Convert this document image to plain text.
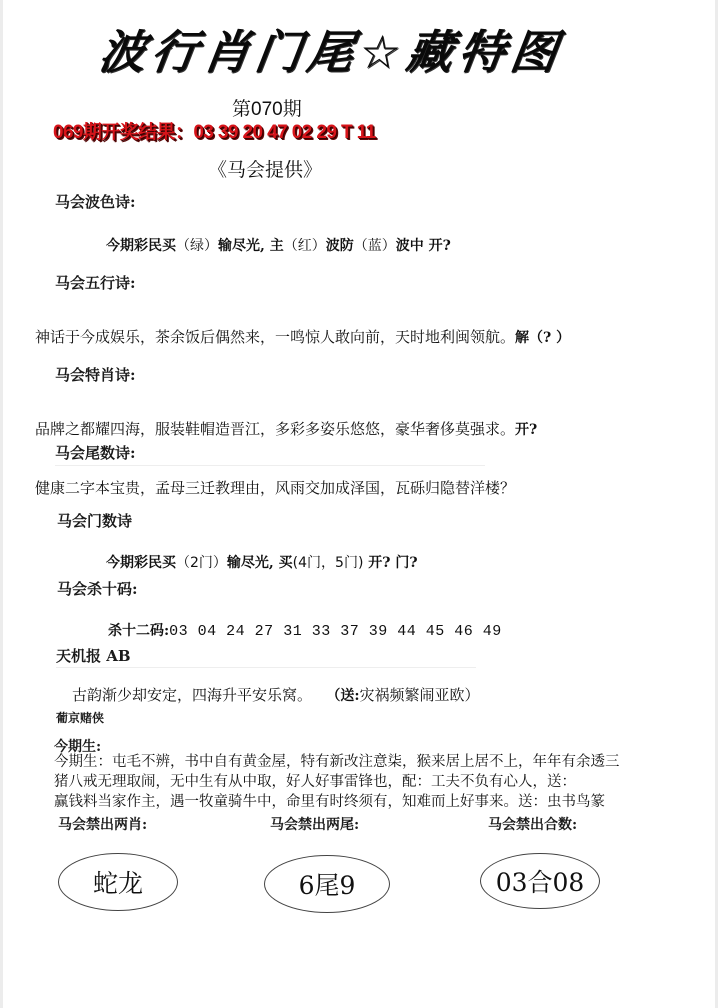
波行肖门尾☆藏特图
第070期
069期开奖结果：03 39 20 47 02 29 T 11
《马会提供》
马会波色诗:
今期彩民买（绿）输尽光, 主（红）波防（蓝）波中 开?
马会五行诗:
神话于今成娱乐，茶余饭后偶然来，一鸣惊人敢向前，天时地利闽领航。解（? ）
马会特肖诗:
品牌之都耀四海，服装鞋帽造晋江，多彩多姿乐悠悠，豪华奢侈莫强求。开?
马会尾数诗:
健康二字本宝贵，孟母三迁教理由，风雨交加成泽国，瓦砾归隐替洋楼？
马会门数诗
今期彩民买（2门）输尽光, 买(4门，5门) 开? 门?
马会杀十码:
杀十二码:03 04 24 27 31 33 37 39 44 45 46 49
天机报 AB
古韵渐少却安定，四海升平安乐窝。 （送:灾祸频繁闹亚欧）
葡京赌侠
今期生:
今期生：屯毛不辨，书中自有黄金屋，特有新改注意柒，猴来居上居不上，年年有余透三
猪八戒无理取闹，无中生有从中取，好人好事雷锋也，配：工夫不负有心人，送：
赢钱料当家作主，遇一牧童骑牛中，命里有时终须有，知难而上好事来。送：虫书鸟篆
马会禁出两肖:	马会禁出两尾:	马会禁出合数:
蛇龙	6尾9	03合08
